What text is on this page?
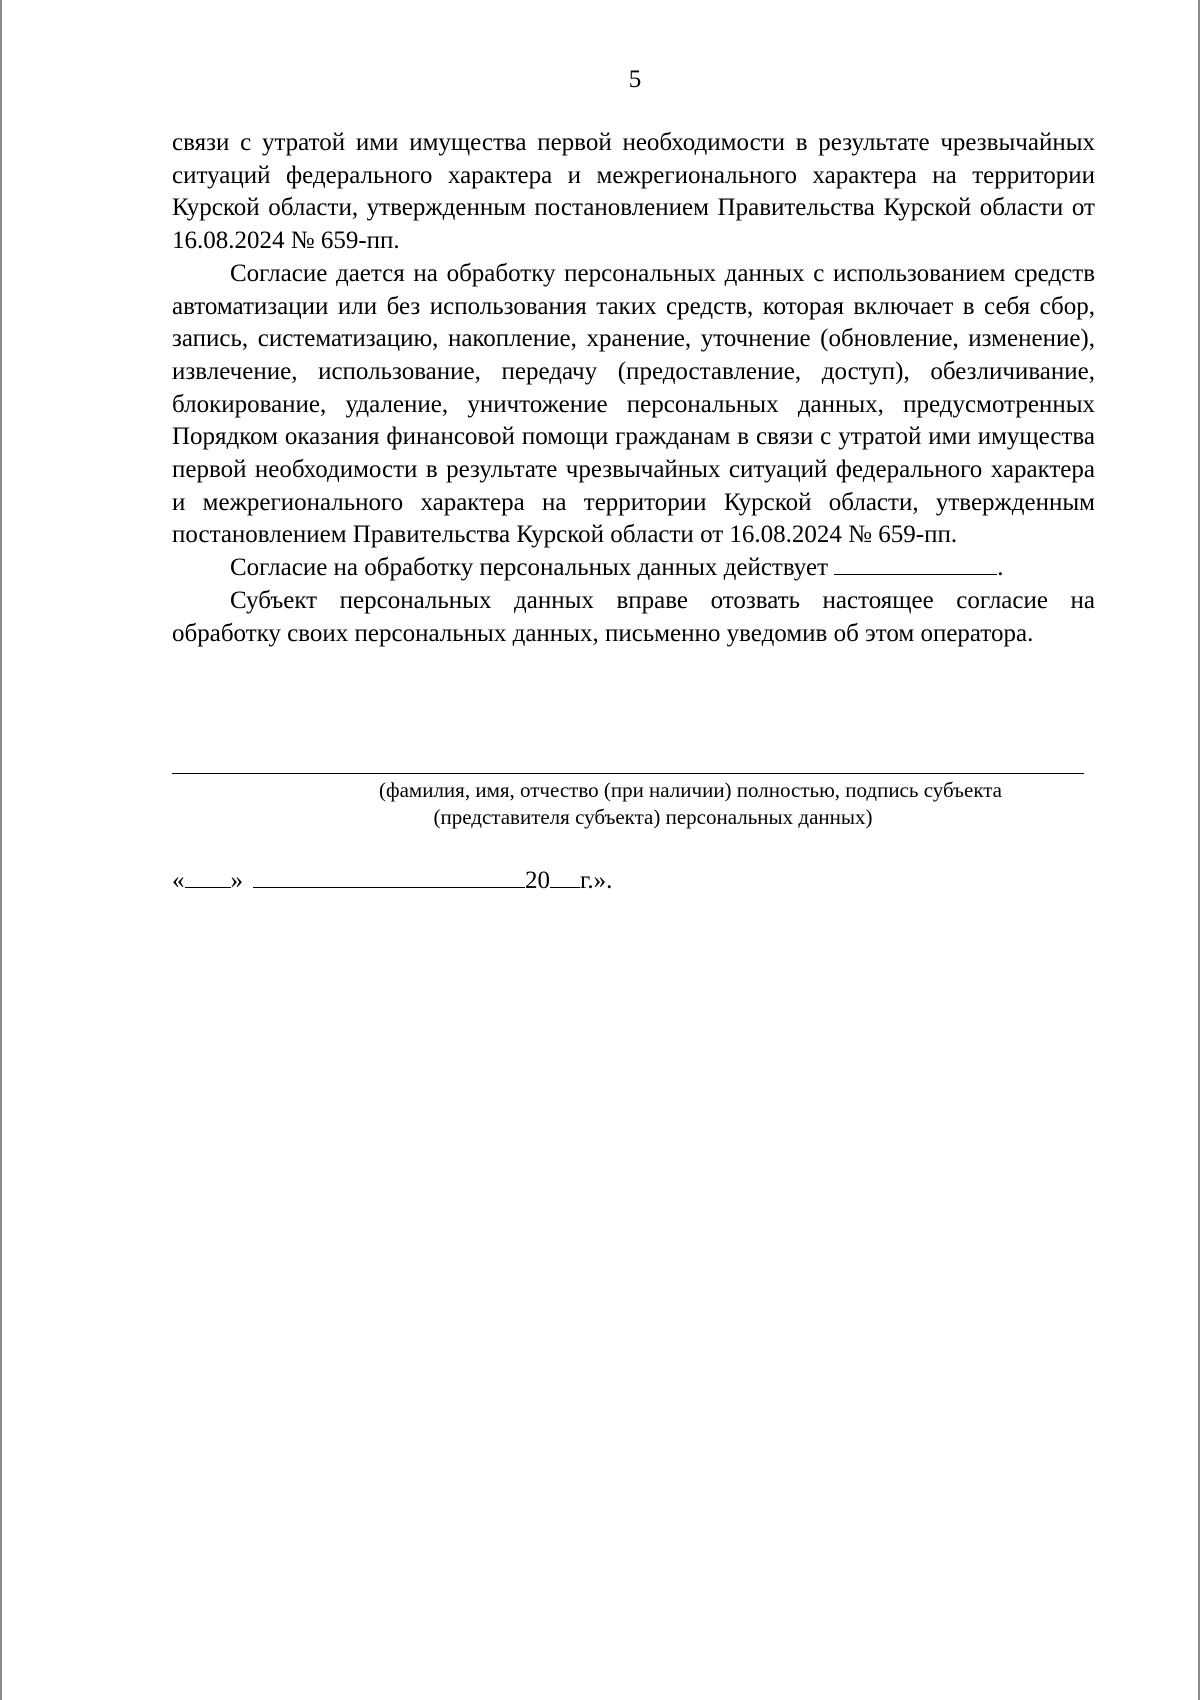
5

связи с утратой ими имущества первой необходимости в результате чрезвычайных ситуаций федерального характера и межрегионального характера на территории Курской области, утвержденным постановлением Правительства Курской области от 16.08.2024 № 659-пп.

Согласие дается на обработку персональных данных с использованием средств автоматизации или без использования таких средств, которая включает в себя сбор, запись, систематизацию, накопление, хранение, уточнение (обновление, изменение), извлечение, использование, передачу (предоставление, доступ), обезличивание, блокирование, удаление, уничтожение персональных данных, предусмотренных Порядком оказания финансовой помощи гражданам в связи с утратой ими имущества первой необходимости в результате чрезвычайных ситуаций федерального характера и межрегионального характера на территории Курской области, утвержденным постановлением Правительства Курской области от 16.08.2024 № 659-пп.

Согласие на обработку персональных данных действует	.

Субъект персональных данных вправе отозвать настоящее согласие на обработку своих персональных данных, письменно уведомив об этом оператора.

(фамилия, имя, отчество (при наличии) полностью, подпись субъекта
(представителя субъекта) персональных данных)
« »	20 г.».
